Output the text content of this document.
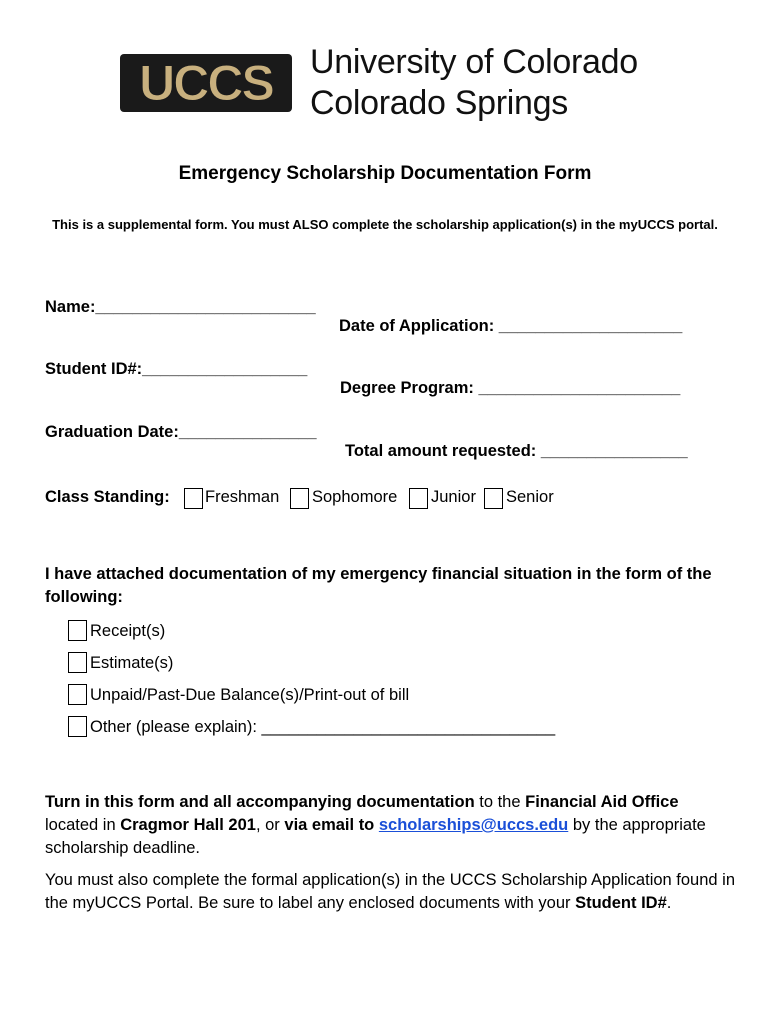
UCCS University of Colorado
Colorado Springs
Emergency Scholarship Documentation Form
This is a supplemental form. You must ALSO complete the scholarship application(s) in the myUCCS portal.

Name:________________________

Date of Application: ____________________

Student ID#:__________________

Degree Program: ______________________

Graduation Date:_______________

Total amount requested: ________________

Class Standing: Freshman Sophomore Junior Senior
I have attached documentation of my emergency financial situation in the form of the following:
Receipt(s)
Estimate(s)
Unpaid/Past-Due Balance(s)/Print-out of bill
Other (please explain): ________________________________
Turn in this form and all accompanying documentation to the Financial Aid Office located in Cragmor Hall 201, or via email to scholarships@uccs.edu by the appropriate scholarship deadline.
You must also complete the formal application(s) in the UCCS Scholarship Application found in the myUCCS Portal. Be sure to label any enclosed documents with your Student ID#.
